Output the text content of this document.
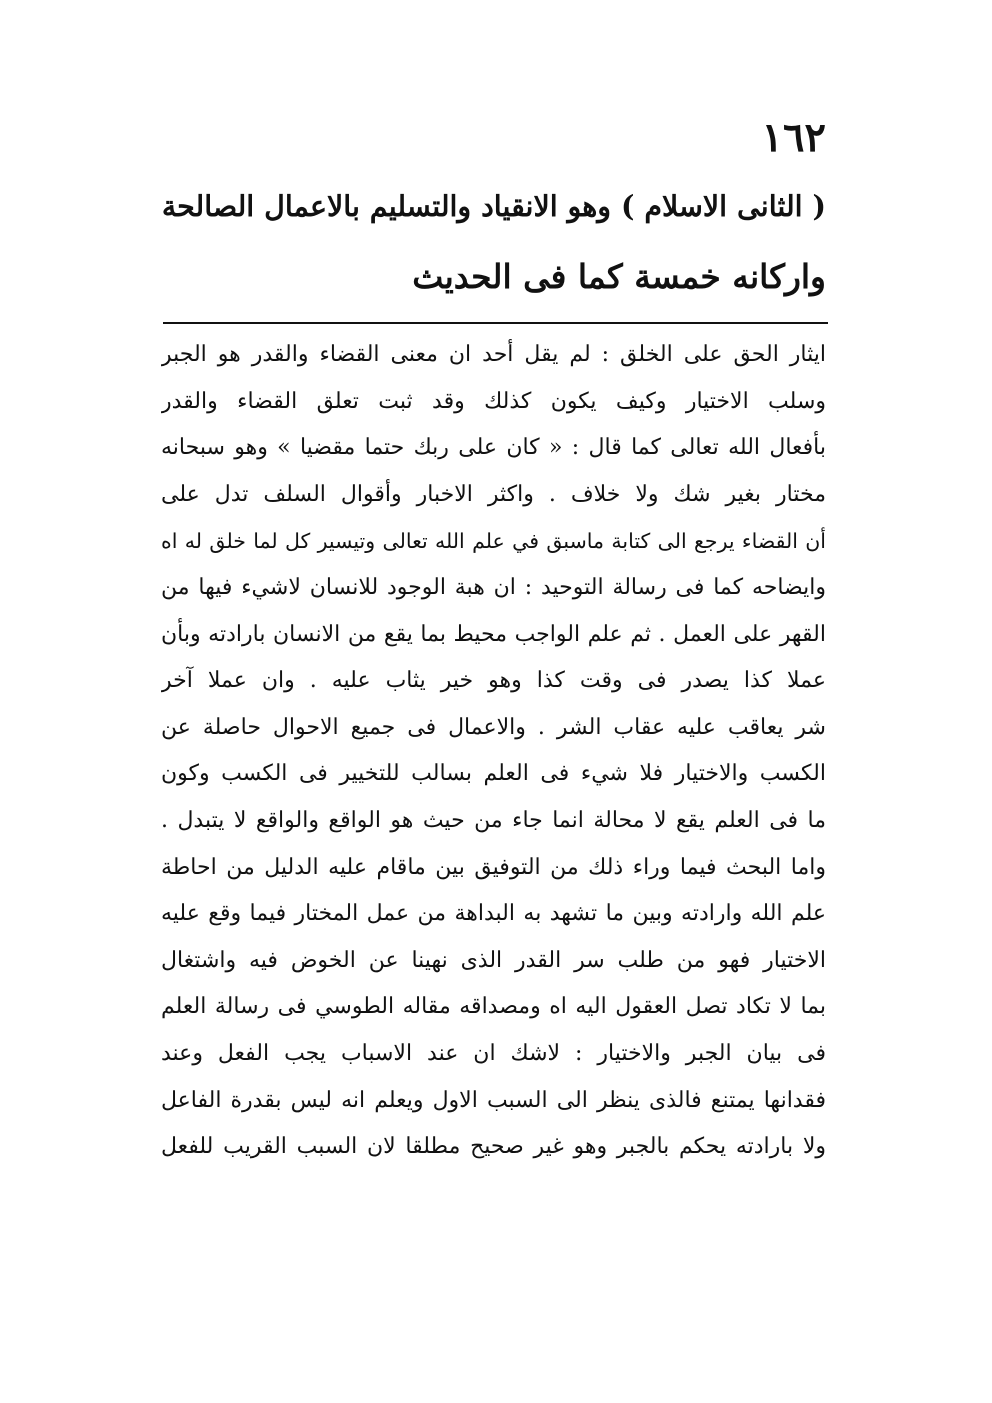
١٦٢
( الثانى الاسلام ) وهو الانقياد والتسليم بالاعمال الصالحة
واركانه خمسة كما فى الحديث
ايثار الحق على الخلق : لم يقل أحد ان معنى القضاء والقدر هو الجبر
وسلب الاختيار وكيف يكون كذلك وقد ثبت تعلق القضاء والقدر
بأفعال الله تعالى كما قال : « كان على ربك حتما مقضيا » وهو سبحانه
مختار بغير شك ولا خلاف . واكثر الاخبار وأقوال السلف تدل على
أن القضاء يرجع الى كتابة ماسبق في علم الله تعالى وتيسير كل لما خلق له اه
وايضاحه كما فى رسالة التوحيد : ان هبة الوجود للانسان لاشيء فيها من
القهر على العمل . ثم علم الواجب محيط بما يقع من الانسان بارادته وبأن
عملا كذا يصدر فى وقت كذا وهو خير يثاب عليه . وان عملا آخر
شر يعاقب عليه عقاب الشر . والاعمال فى جميع الاحوال حاصلة عن
الكسب والاختيار فلا شيء فى العلم بسالب للتخيير فى الكسب وكون
ما فى العلم يقع لا محالة انما جاء من حيث هو الواقع والواقع لا يتبدل .
واما البحث فيما وراء ذلك من التوفيق بين ماقام عليه الدليل من احاطة
علم الله وارادته وبين ما تشهد به البداهة من عمل المختار فيما وقع عليه
الاختيار فهو من طلب سر القدر الذى نهينا عن الخوض فيه واشتغال
بما لا تكاد تصل العقول اليه اه ومصداقه مقاله الطوسي فى رسالة العلم
فى بيان الجبر والاختيار : لاشك ان عند الاسباب يجب الفعل وعند
فقدانها يمتنع فالذى ينظر الى السبب الاول ويعلم انه ليس بقدرة الفاعل
ولا بارادته يحكم بالجبر وهو غير صحيح مطلقا لان السبب القريب للفعل
